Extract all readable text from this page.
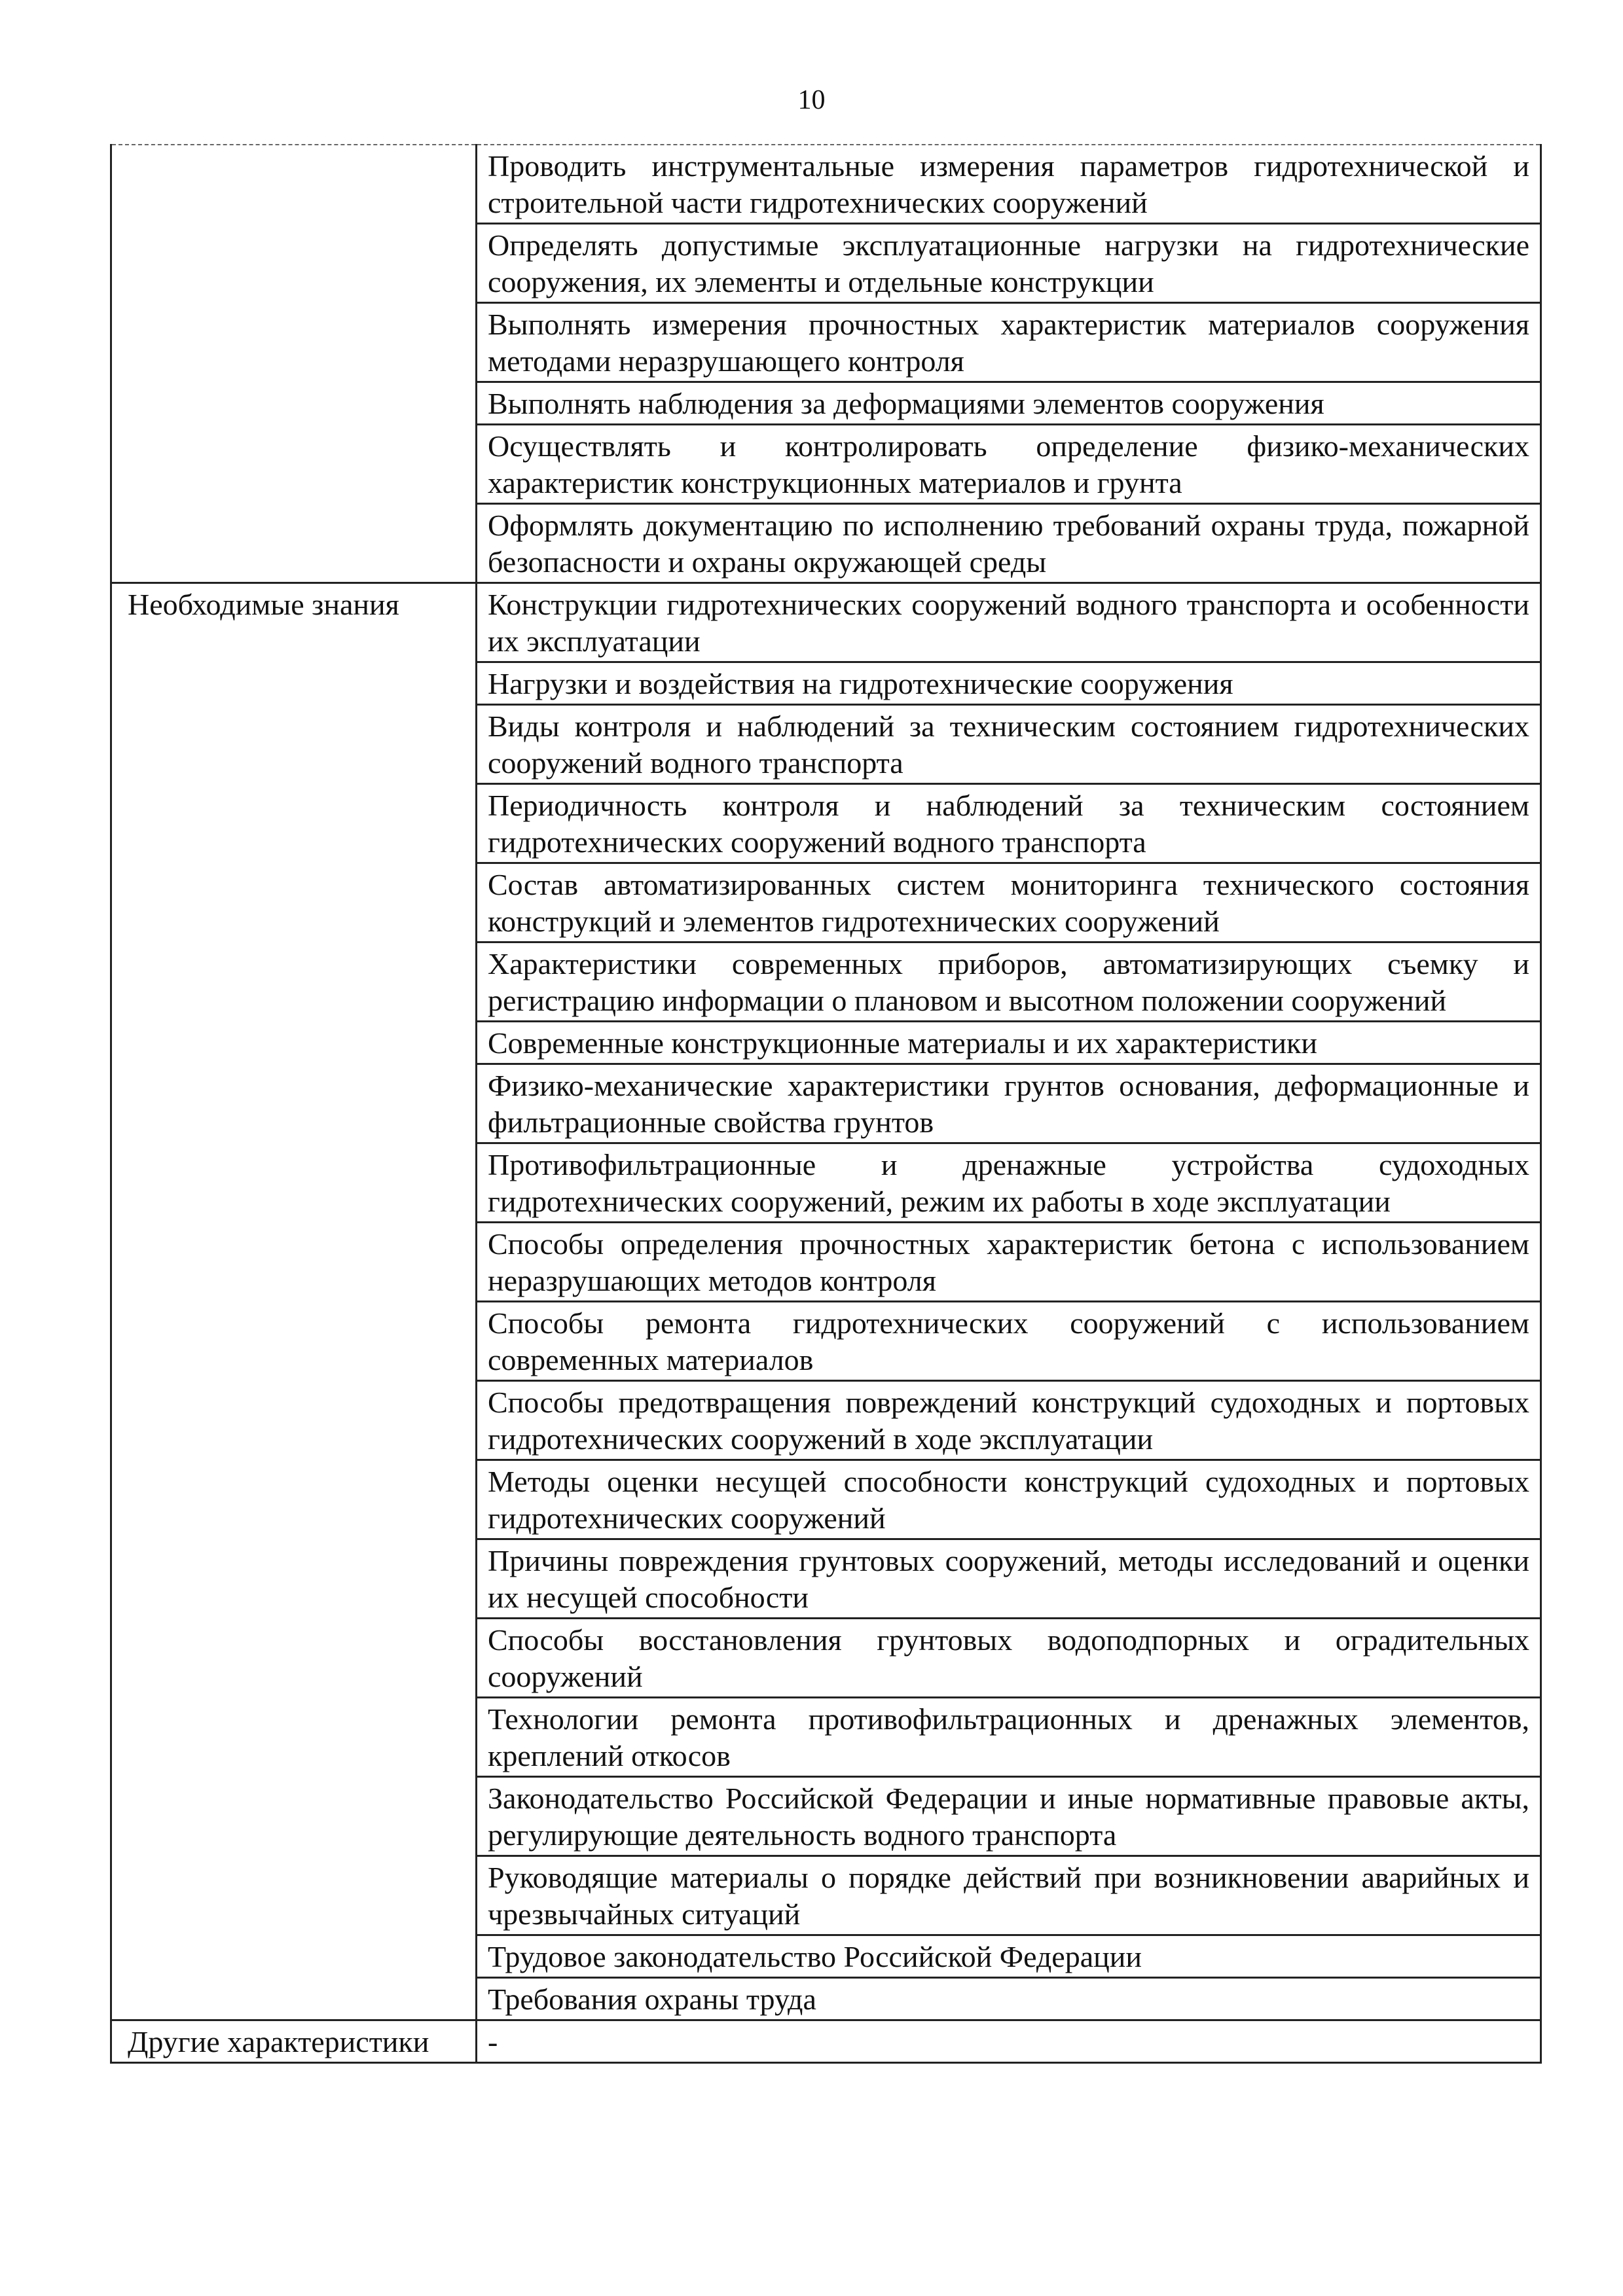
10
	Проводить инструментальные измерения параметров гидротехнической и строительной части гидротехнических сооружений
	Определять допустимые эксплуатационные нагрузки на гидротехнические сооружения, их элементы и отдельные конструкции
	Выполнять измерения прочностных характеристик материалов сооружения методами неразрушающего контроля
	Выполнять наблюдения за деформациями элементов сооружения
	Осуществлять и контролировать определение физико-механических характеристик конструкционных материалов и грунта
	Оформлять документацию по исполнению требований охраны труда, пожарной безопасности и охраны окружающей среды
Необходимые знания	Конструкции гидротехнических сооружений водного транспорта и особенности их эксплуатации
	Нагрузки и воздействия на гидротехнические сооружения
	Виды контроля и наблюдений за техническим состоянием гидротехнических сооружений водного транспорта
	Периодичность контроля и наблюдений за техническим состоянием гидротехнических сооружений водного транспорта
	Состав автоматизированных систем мониторинга технического состояния конструкций и элементов гидротехнических сооружений
	Характеристики современных приборов, автоматизирующих съемку и регистрацию информации о плановом и высотном положении сооружений
	Современные конструкционные материалы и их характеристики
	Физико-механические характеристики грунтов основания, деформационные и фильтрационные свойства грунтов
	Противофильтрационные и дренажные устройства судоходных гидротехнических сооружений, режим их работы в ходе эксплуатации
	Способы определения прочностных характеристик бетона с использованием неразрушающих методов контроля
	Способы ремонта гидротехнических сооружений с использованием современных материалов
	Способы предотвращения повреждений конструкций судоходных и портовых гидротехнических сооружений в ходе эксплуатации
	Методы оценки несущей способности конструкций судоходных и портовых гидротехнических сооружений
	Причины повреждения грунтовых сооружений, методы исследований и оценки их несущей способности
	Способы восстановления грунтовых водоподпорных и оградительных сооружений
	Технологии ремонта противофильтрационных и дренажных элементов, креплений откосов
	Законодательство Российской Федерации и иные нормативные правовые акты, регулирующие деятельность водного транспорта
	Руководящие материалы о порядке действий при возникновении аварийных и чрезвычайных ситуаций
	Трудовое законодательство Российской Федерации
	Требования охраны труда
Другие характеристики	-
